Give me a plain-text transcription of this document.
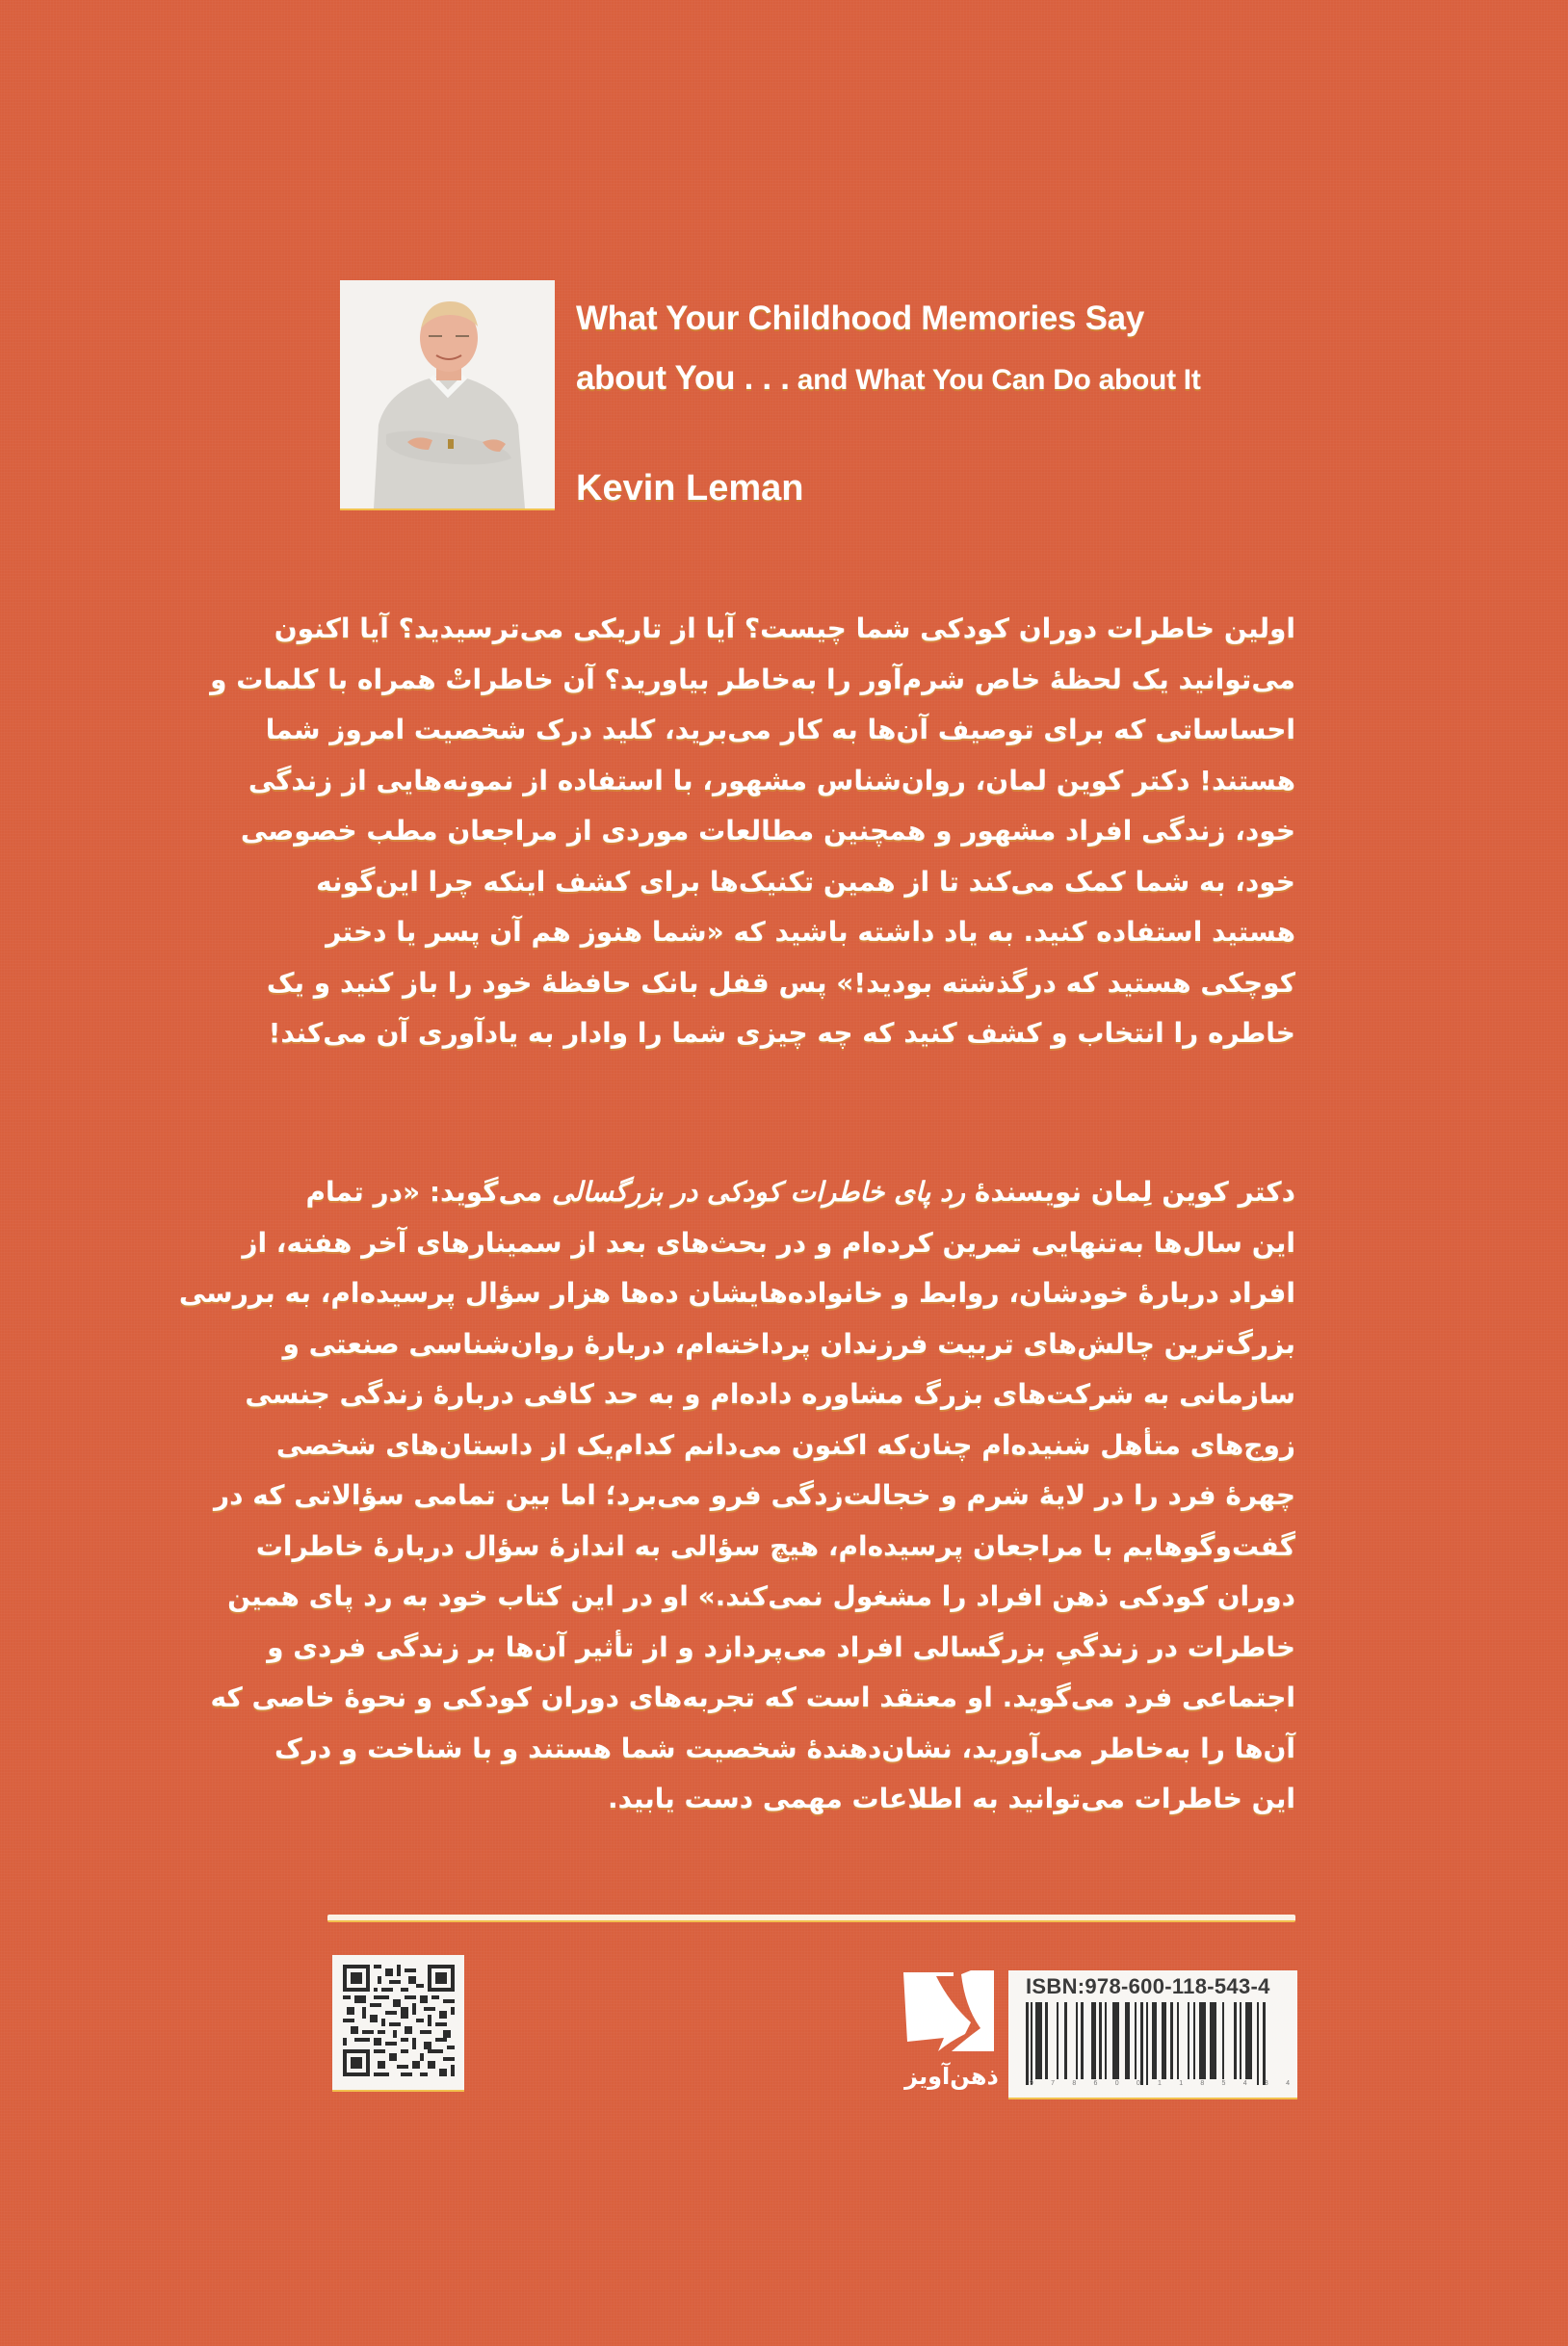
What Your Childhood Memories Say
about You . . . and What You Can Do about It
Kevin Leman
اولین خاطرات دوران کودکی شما چیست؟ آیا از تاریکی می‌ترسیدید؟ آیا اکنون
می‌توانید یک لحظهٔ خاص شرم‌آور را به‌خاطر بیاورید؟ آن خاطراتْ همراه با کلمات و
احساساتی که برای توصیف آن‌ها به کار می‌برید، کلید درک شخصیت امروز شما
هستند! دکتر کوین لمان، روان‌شناس مشهور، با استفاده از نمونه‌هایی از زندگی
خود، زندگی افراد مشهور و همچنین مطالعات موردی از مراجعان مطب خصوصی
خود، به شما کمک می‌کند تا از همین تکنیک‌ها برای کشف اینکه چرا این‌گونه
هستید استفاده کنید. به یاد داشته باشید که «شما هنوز هم آن پسر یا دختر
کوچکی هستید که درگذشته بودید!» پس قفل بانک حافظهٔ خود را باز کنید و یک
خاطره را انتخاب و کشف کنید که چه چیزی شما را وادار به یادآوری آن می‌کند!
دکتر کوین لِمان نویسندهٔ رد پای خاطرات کودکی در بزرگسالی می‌گوید: «در تمام
این سال‌ها به‌تنهایی تمرین کرده‌ام و در بحث‌های بعد از سمینارهای آخر هفته، از
افراد دربارهٔ خودشان، روابط و خانواده‌هایشان ده‌ها هزار سؤال پرسیده‌ام، به بررسی
بزرگ‌ترین چالش‌های تربیت فرزندان پرداخته‌ام، دربارهٔ روان‌شناسی صنعتی و
سازمانی به شرکت‌های بزرگ مشاوره داده‌ام و به حد کافی دربارهٔ زندگی جنسی
زوج‌های متأهل شنیده‌ام چنان‌که اکنون می‌دانم کدام‌یک از داستان‌های شخصی
چهرهٔ فرد را در لایهٔ شرم و خجالت‌زدگی فرو می‌برد؛ اما بین تمامی سؤالاتی که در
گفت‌وگوهایم با مراجعان پرسیده‌ام، هیچ سؤالی به اندازهٔ سؤال دربارهٔ خاطرات
دوران کودکی ذهن افراد را مشغول نمی‌کند.» او در این کتاب خود به رد پای همین
خاطرات در زندگیِ بزرگسالی افراد می‌پردازد و از تأثیر آن‌ها بر زندگی فردی و
اجتماعی فرد می‌گوید. او معتقد است که تجربه‌های دوران کودکی و نحوهٔ خاصی که
آن‌ها را به‌خاطر می‌آورید، نشان‌دهندهٔ شخصیت شما هستند و با شناخت و درک
این خاطرات می‌توانید به اطلاعات مهمی دست یابید.
ذهن‌آویز
ISBN:978-600-118-543-4
9	7	8	6	0	0	1	1	8	5	4	3	4
